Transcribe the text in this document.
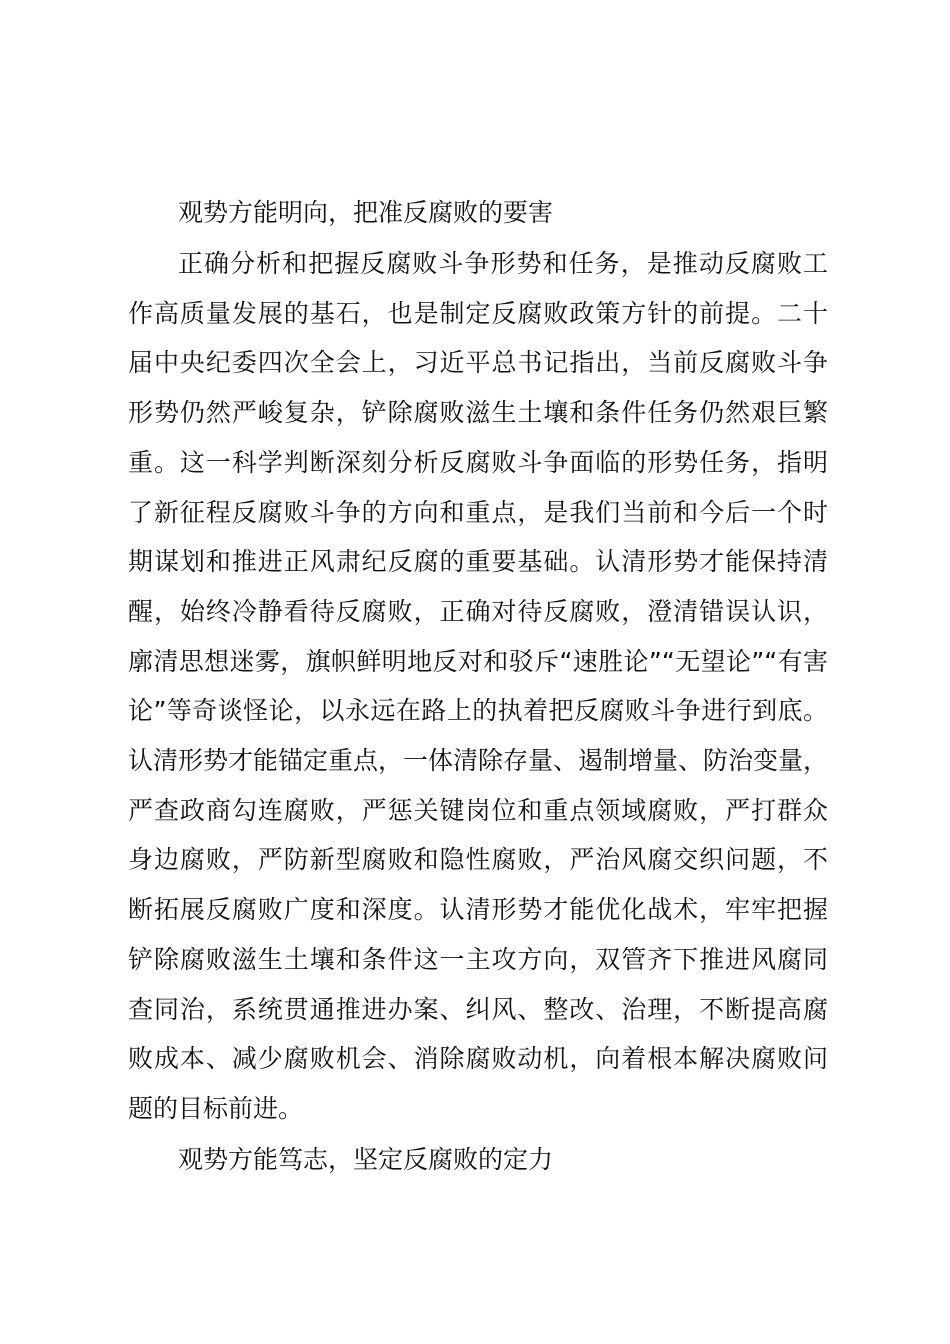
观势方能明向，把准反腐败的要害
正确分析和把握反腐败斗争形势和任务，是推动反腐败工
作高质量发展的基石，也是制定反腐败政策方针的前提。二十
届中央纪委四次全会上，习近平总书记指出，当前反腐败斗争
形势仍然严峻复杂，铲除腐败滋生土壤和条件任务仍然艰巨繁
重。这一科学判断深刻分析反腐败斗争面临的形势任务，指明
了新征程反腐败斗争的方向和重点，是我们当前和今后一个时
期谋划和推进正风肃纪反腐的重要基础。认清形势才能保持清
醒，始终冷静看待反腐败，正确对待反腐败，澄清错误认识，
廓清思想迷雾，旗帜鲜明地反对和驳斥“速胜论”“无望论”“有害
论”等奇谈怪论，以永远在路上的执着把反腐败斗争进行到底。
认清形势才能锚定重点，一体清除存量、遏制增量、防治变量，
严查政商勾连腐败，严惩关键岗位和重点领域腐败，严打群众
身边腐败，严防新型腐败和隐性腐败，严治风腐交织问题，不
断拓展反腐败广度和深度。认清形势才能优化战术，牢牢把握
铲除腐败滋生土壤和条件这一主攻方向，双管齐下推进风腐同
查同治，系统贯通推进办案、纠风、整改、治理，不断提高腐
败成本、减少腐败机会、消除腐败动机，向着根本解决腐败问
题的目标前进。
观势方能笃志，坚定反腐败的定力
